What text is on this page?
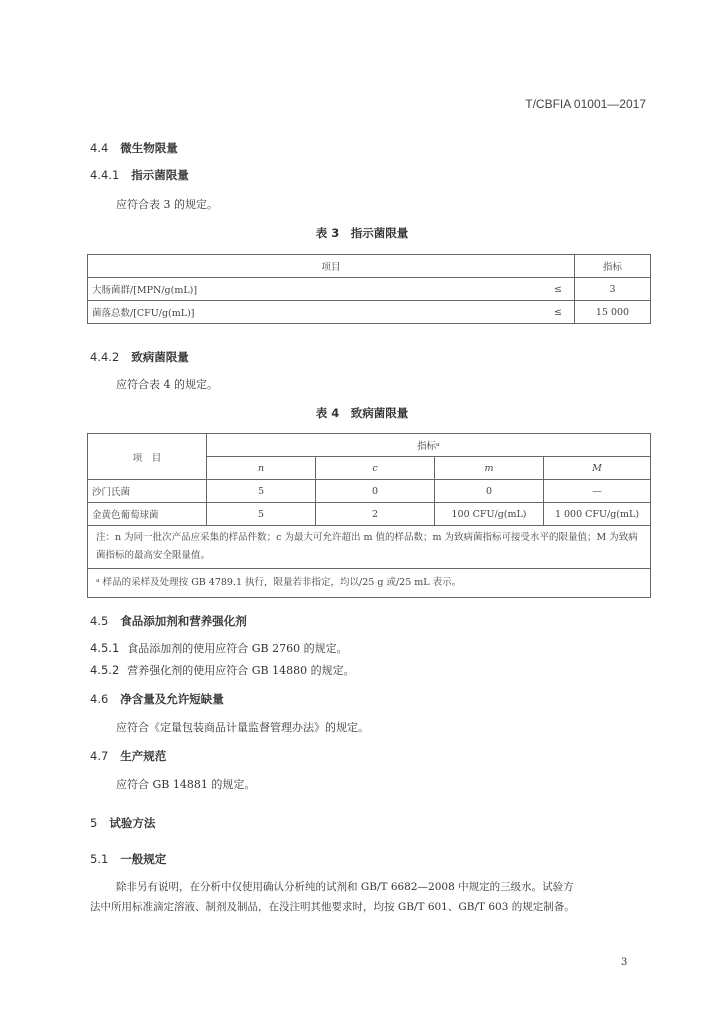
T/CBFIA 01001—2017
4.4 微生物限量
4.4.1 指示菌限量
应符合表 3 的规定。
表 3　指示菌限量
项目		指标
大肠菌群/[MPN/g(mL)]	≤	3
菌落总数/[CFU/g(mL)]	≤	15 000
4.4.2 致病菌限量
应符合表 4 的规定。
表 4　致病菌限量
项　目	指标ᵃ			
	n	c	m	M
沙门氏菌	5	0	0	—
金黄色葡萄球菌	5	2	100 CFU/g(mL)	1 000 CFU/g(mL)
注：n 为同一批次产品应采集的样品件数；c 为最大可允许超出 m 值的样品数；m 为致病菌指标可接受水平的限量值；M 为致病菌指标的最高安全限量值。				
ᵃ 样品的采样及处理按 GB 4789.1 执行，限量若非指定，均以/25 g 或/25 mL 表示。				
4.5 食品添加剂和营养强化剂
4.5.1 食品添加剂的使用应符合 GB 2760 的规定。
4.5.2 营养强化剂的使用应符合 GB 14880 的规定。
4.6 净含量及允许短缺量
应符合《定量包装商品计量监督管理办法》的规定。
4.7 生产规范
应符合 GB 14881 的规定。
5 试验方法
5.1 一般规定
除非另有说明，在分析中仅使用确认分析纯的试剂和 GB/T 6682—2008 中规定的三级水。试验方
法中所用标准滴定溶液、制剂及制品，在没注明其他要求时，均按 GB/T 601、GB/T 603 的规定制备。
3
